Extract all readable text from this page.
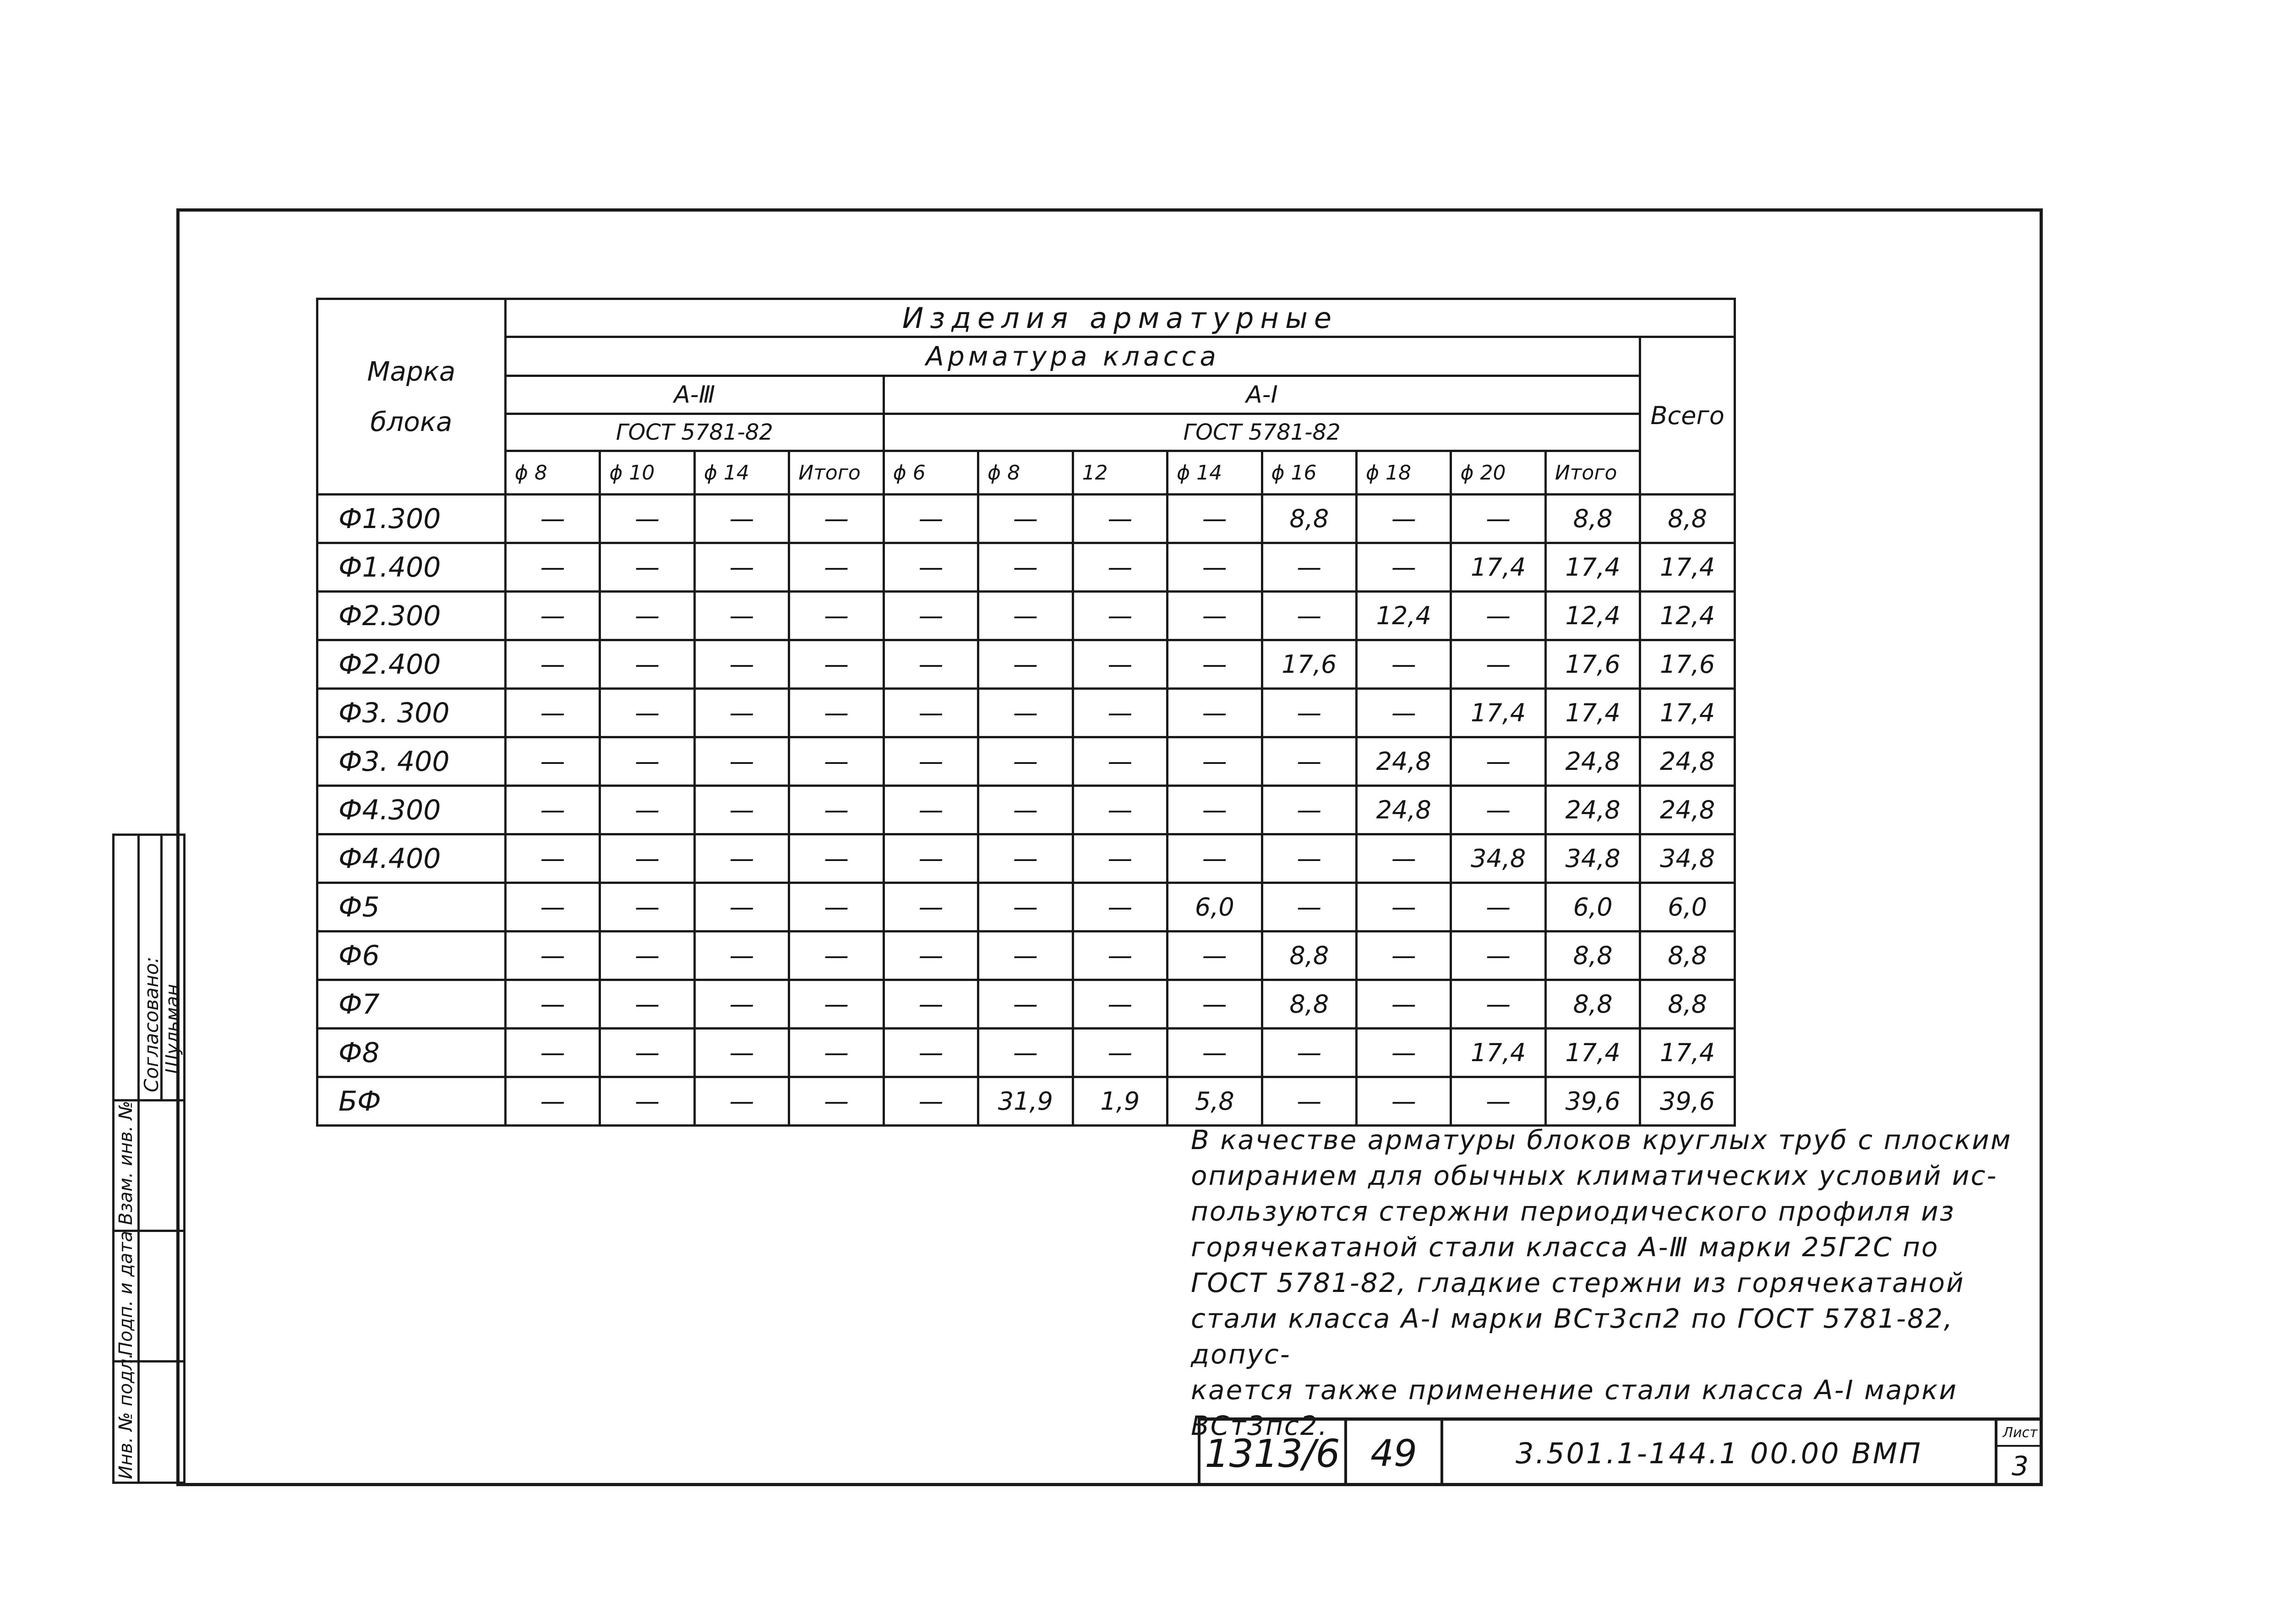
Марка
блока	Изделия арматурные												
	Арматура класса												Всего
	А-Ⅲ				А-Ⅰ								
	ГОСТ 5781-82				ГОСТ 5781-82								
	ϕ 8	ϕ 10	ϕ 14	Итого	ϕ 6	ϕ 8	12	ϕ 14	ϕ 16	ϕ 18	ϕ 20	Итого	
Ф1.300	—	—	—	—	—	—	—	—	8,8	—	—	8,8	8,8
Ф1.400	—	—	—	—	—	—	—	—	—	—	17,4	17,4	17,4
Ф2.300	—	—	—	—	—	—	—	—	—	12,4	—	12,4	12,4
Ф2.400	—	—	—	—	—	—	—	—	17,6	—	—	17,6	17,6
Ф3. 300	—	—	—	—	—	—	—	—	—	—	17,4	17,4	17,4
Ф3. 400	—	—	—	—	—	—	—	—	—	24,8	—	24,8	24,8
Ф4.300	—	—	—	—	—	—	—	—	—	24,8	—	24,8	24,8
Ф4.400	—	—	—	—	—	—	—	—	—	—	34,8	34,8	34,8
Ф5	—	—	—	—	—	—	—	6,0	—	—	—	6,0	6,0
Ф6	—	—	—	—	—	—	—	—	8,8	—	—	8,8	8,8
Ф7	—	—	—	—	—	—	—	—	8,8	—	—	8,8	8,8
Ф8	—	—	—	—	—	—	—	—	—	—	17,4	17,4	17,4
БФ	—	—	—	—	—	31,9	1,9	5,8	—	—	—	39,6	39,6

В качестве арматуры блоков круглых труб с плоским

опиранием для обычных климатических условий ис-

пользуются стержни периодического профиля из

горячекатаной стали класса А-Ⅲ марки 25Г2С по

ГОСТ 5781-82, гладкие стержни из горячекатаной

стали класса А-Ⅰ марки ВСт3сп2 по ГОСТ 5781-82, допус-

кается также применение стали класса А-Ⅰ марки

ВСт3пс2.

1313/6 49	3.501.1-144.1 00.00 ВМП
Лист
3
Согласовано: Шульман
Взам. инв. №
Подп. и дата
Инв. № подл.
